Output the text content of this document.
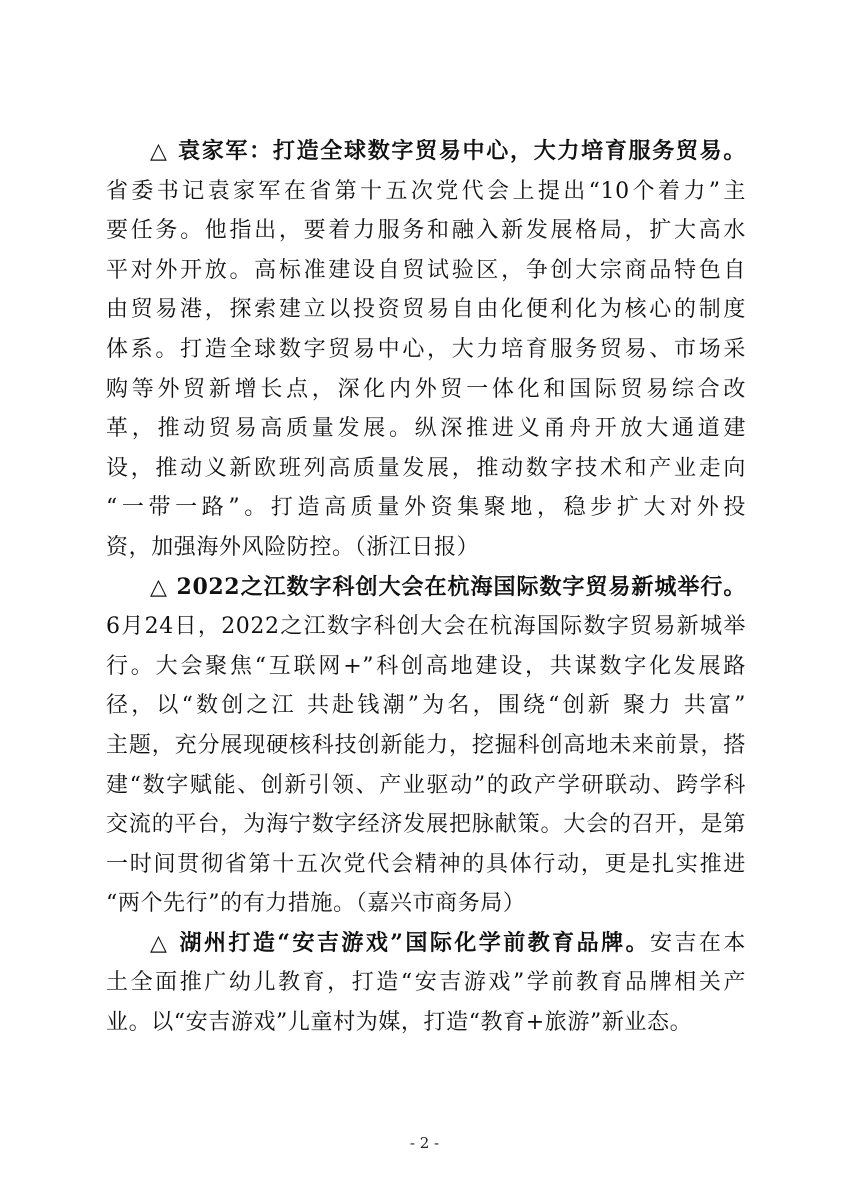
△ 袁家军：打造全球数字贸易中心，大力培育服务贸易。
省委书记袁家军在省第十五次党代会上提出“10个着力”主
要任务。他指出，要着力服务和融入新发展格局，扩大高水
平对外开放。高标准建设自贸试验区，争创大宗商品特色自
由贸易港，探索建立以投资贸易自由化便利化为核心的制度
体系。打造全球数字贸易中心，大力培育服务贸易、市场采
购等外贸新增长点，深化内外贸一体化和国际贸易综合改
革，推动贸易高质量发展。纵深推进义甬舟开放大通道建
设，推动义新欧班列高质量发展，推动数字技术和产业走向
“一带一路”。打造高质量外资集聚地，稳步扩大对外投
资，加强海外风险防控。（浙江日报）
△ 2022之江数字科创大会在杭海国际数字贸易新城举行。
6月24日，2022之江数字科创大会在杭海国际数字贸易新城举
行。大会聚焦“互联网+”科创高地建设，共谋数字化发展路
径，以“数创之江 共赴钱潮”为名，围绕“创新 聚力 共富”
主题，充分展现硬核科技创新能力，挖掘科创高地未来前景，搭
建“数字赋能、创新引领、产业驱动”的政产学研联动、跨学科
交流的平台，为海宁数字经济发展把脉献策。大会的召开，是第
一时间贯彻省第十五次党代会精神的具体行动，更是扎实推进
“两个先行”的有力措施。（嘉兴市商务局）
△ 湖州打造“安吉游戏”国际化学前教育品牌。安吉在本
土全面推广幼儿教育，打造“安吉游戏”学前教育品牌相关产
业。以“安吉游戏”儿童村为媒，打造“教育+旅游”新业态。
- 2 -
